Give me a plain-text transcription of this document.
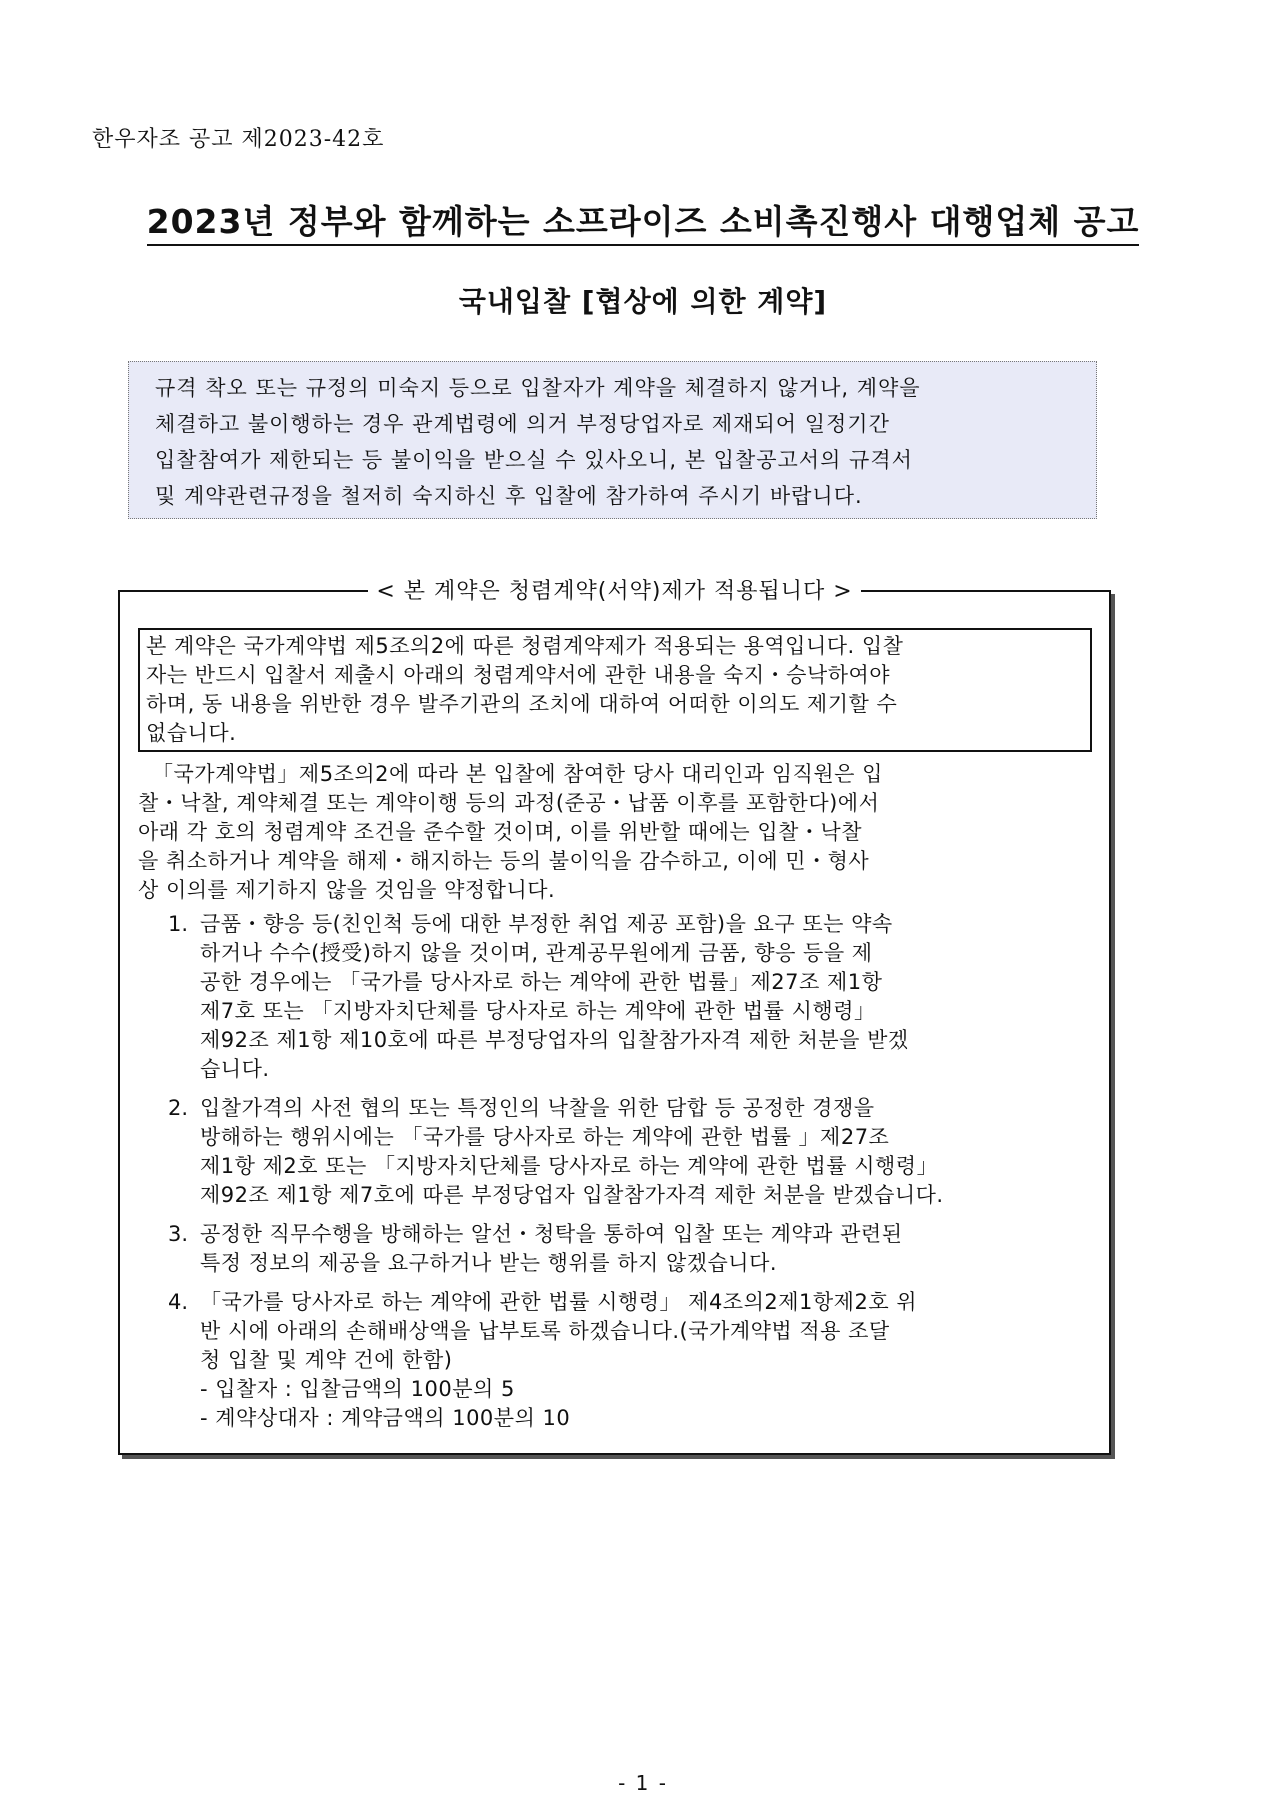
한우자조 공고 제2023-42호
2023년 정부와 함께하는 소프라이즈 소비촉진행사 대행업체 공고
국내입찰 [협상에 의한 계약]
규격 착오 또는 규정의 미숙지 등으로 입찰자가 계약을 체결하지 않거나, 계약을
체결하고 불이행하는 경우 관계법령에 의거 부정당업자로 제재되어 일정기간
입찰참여가 제한되는 등 불이익을 받으실 수 있사오니, 본 입찰공고서의 규격서
및 계약관련규정을 철저히 숙지하신 후 입찰에 참가하여 주시기 바랍니다.
< 본 계약은 청렴계약(서약)제가 적용됩니다 >
본 계약은 국가계약법 제5조의2에 따른 청렴계약제가 적용되는 용역입니다. 입찰
자는 반드시 입찰서 제출시 아래의 청렴계약서에 관한 내용을 숙지・승낙하여야
하며, 동 내용을 위반한 경우 발주기관의 조치에 대하여 어떠한 이의도 제기할 수
없습니다.
「국가계약법」제5조의2에 따라 본 입찰에 참여한 당사 대리인과 임직원은 입
찰・낙찰, 계약체결 또는 계약이행 등의 과정(준공・납품 이후를 포함한다)에서
아래 각 호의 청렴계약 조건을 준수할 것이며, 이를 위반할 때에는 입찰・낙찰
을 취소하거나 계약을 해제・해지하는 등의 불이익을 감수하고, 이에 민・형사
상 이의를 제기하지 않을 것임을 약정합니다.
1. 금품・향응 등(친인척 등에 대한 부정한 취업 제공 포함)을 요구 또는 약속
하거나 수수(授受)하지 않을 것이며, 관계공무원에게 금품, 향응 등을 제
공한 경우에는 「국가를 당사자로 하는 계약에 관한 법률」제27조 제1항
제7호 또는 「지방자치단체를 당사자로 하는 계약에 관한 법률 시행령」
제92조 제1항 제10호에 따른 부정당업자의 입찰참가자격 제한 처분을 받겠
습니다.
2. 입찰가격의 사전 협의 또는 특정인의 낙찰을 위한 담합 등 공정한 경쟁을
방해하는 행위시에는 「국가를 당사자로 하는 계약에 관한 법률 」제27조
제1항 제2호 또는 「지방자치단체를 당사자로 하는 계약에 관한 법률 시행령」
제92조 제1항 제7호에 따른 부정당업자 입찰참가자격 제한 처분을 받겠습니다.
3. 공정한 직무수행을 방해하는 알선・청탁을 통하여 입찰 또는 계약과 관련된
특정 정보의 제공을 요구하거나 받는 행위를 하지 않겠습니다.
4. 「국가를 당사자로 하는 계약에 관한 법률 시행령」 제4조의2제1항제2호 위
반 시에 아래의 손해배상액을 납부토록 하겠습니다.(국가계약법 적용 조달
청 입찰 및 계약 건에 한함)
- 입찰자 : 입찰금액의 100분의 5
- 계약상대자 : 계약금액의 100분의 10
- 1 -
